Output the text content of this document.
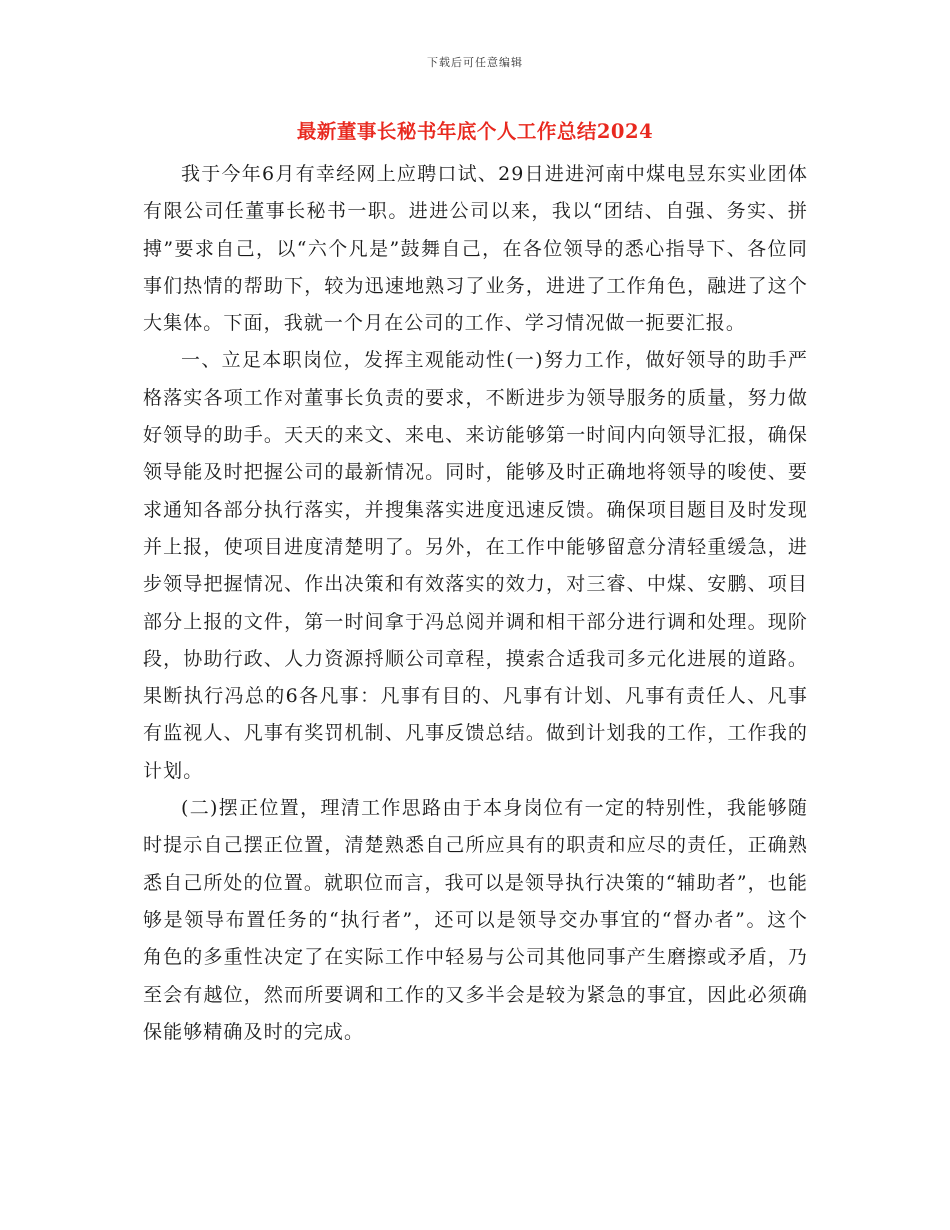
下载后可任意编辑
最新董事长秘书年底个人工作总结2024

我于今年6月有幸经网上应聘口试、29日进进河南中煤电昱东实业团体有限公司任董事长秘书一职。进进公司以来，我以“团结、自强、务实、拼搏”要求自己，以“六个凡是”鼓舞自己，在各位领导的悉心指导下、各位同事们热情的帮助下，较为迅速地熟习了业务，进进了工作角色，融进了这个大集体。下面，我就一个月在公司的工作、学习情况做一扼要汇报。

一、立足本职岗位，发挥主观能动性(一)努力工作，做好领导的助手严格落实各项工作对董事长负责的要求，不断进步为领导服务的质量，努力做好领导的助手。天天的来文、来电、来访能够第一时间内向领导汇报，确保领导能及时把握公司的最新情况。同时，能够及时正确地将领导的唆使、要求通知各部分执行落实，并搜集落实进度迅速反馈。确保项目题目及时发现并上报，使项目进度清楚明了。另外，在工作中能够留意分清轻重缓急，进步领导把握情况、作出决策和有效落实的效力，对三睿、中煤、安鹏、项目部分上报的文件，第一时间拿于冯总阅并调和相干部分进行调和处理。现阶段，协助行政、人力资源捋顺公司章程，摸索合适我司多元化进展的道路。果断执行冯总的6各凡事：凡事有目的、凡事有计划、凡事有责任人、凡事有监视人、凡事有奖罚机制、凡事反馈总结。做到计划我的工作，工作我的计划。

(二)摆正位置，理清工作思路由于本身岗位有一定的特别性，我能够随时提示自己摆正位置，清楚熟悉自己所应具有的职责和应尽的责任，正确熟悉自己所处的位置。就职位而言，我可以是领导执行决策的“辅助者”，也能够是领导布置任务的“执行者”，还可以是领导交办事宜的“督办者”。这个角色的多重性决定了在实际工作中轻易与公司其他同事产生磨擦或矛盾，乃至会有越位，然而所要调和工作的又多半会是较为紧急的事宜，因此必须确保能够精确及时的完成。
